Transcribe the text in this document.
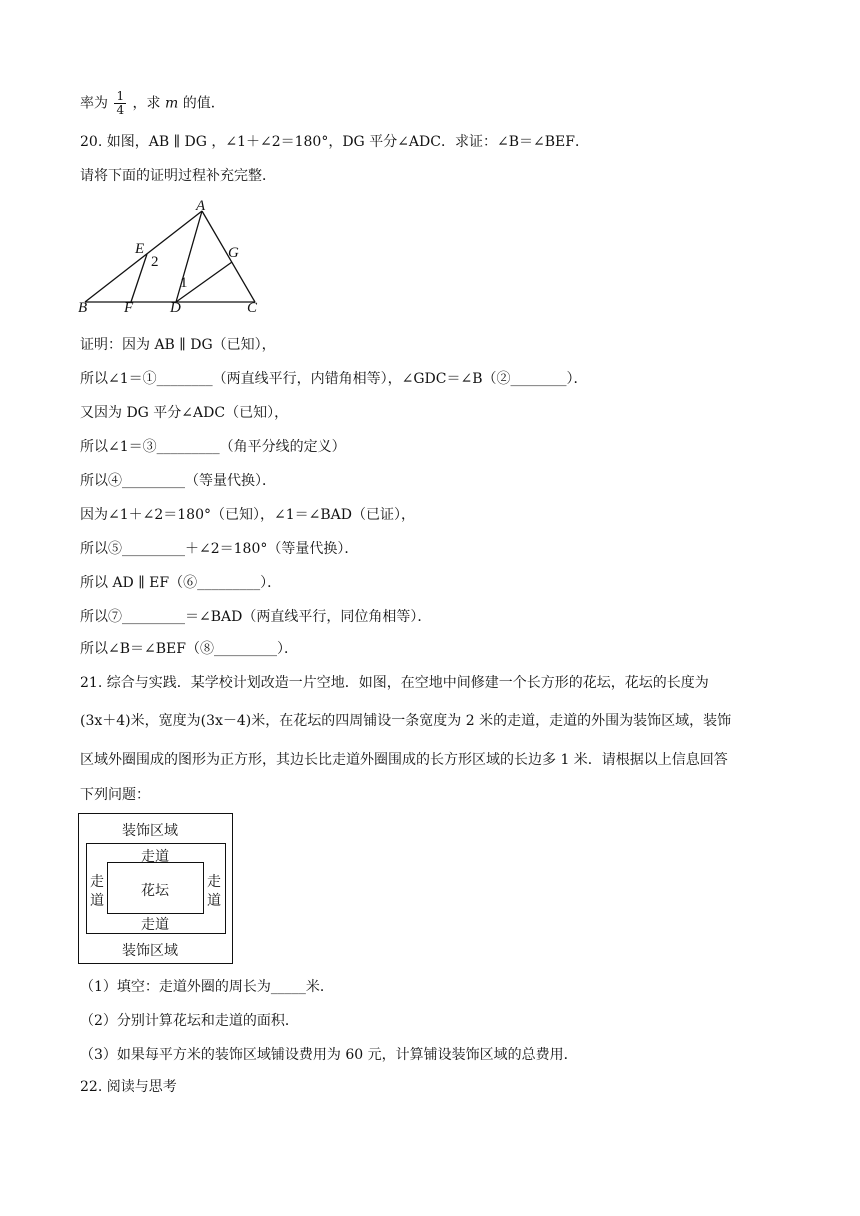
率为 $\frac{1}{4}$ ，求 m 的值．
20. 如图，AB ∥ DG ，∠1＋∠2＝180°，DG 平分∠ADC．求证：∠B＝∠BEF．
请将下面的证明过程补充完整．
A
E
2
G
1
B F D	C
证明：因为 AB ∥ DG（已知），
所以∠1＝①________（两直线平行，内错角相等），∠GDC＝∠B（②________）．
又因为 DG 平分∠ADC（已知），
所以∠1＝③_________（角平分线的定义）
所以④_________（等量代换）．
因为∠1＋∠2＝180°（已知），∠1＝∠BAD（已证），
所以⑤_________＋∠2＝180°（等量代换）．
所以 AD ∥ EF（⑥_________）．
所以⑦_________＝∠BAD（两直线平行，同位角相等）．
所以∠B＝∠BEF（⑧_________）．
21. 综合与实践．某学校计划改造一片空地．如图，在空地中间修建一个长方形的花坛，花坛的长度为
(3x＋4)米，宽度为(3x－4)米，在花坛的四周铺设一条宽度为 2 米的走道，走道的外围为装饰区域，装饰
区域外圈围成的图形为正方形，其边长比走道外圈围成的长方形区域的长边多 1 米．请根据以上信息回答
下列问题：
装饰区域
走道
走
道
花坛
走
道
走道
装饰区域
（1）填空：走道外圈的周长为_____米．
（2）分别计算花坛和走道的面积．
（3）如果每平方米的装饰区域铺设费用为 60 元，计算铺设装饰区域的总费用．
22. 阅读与思考
